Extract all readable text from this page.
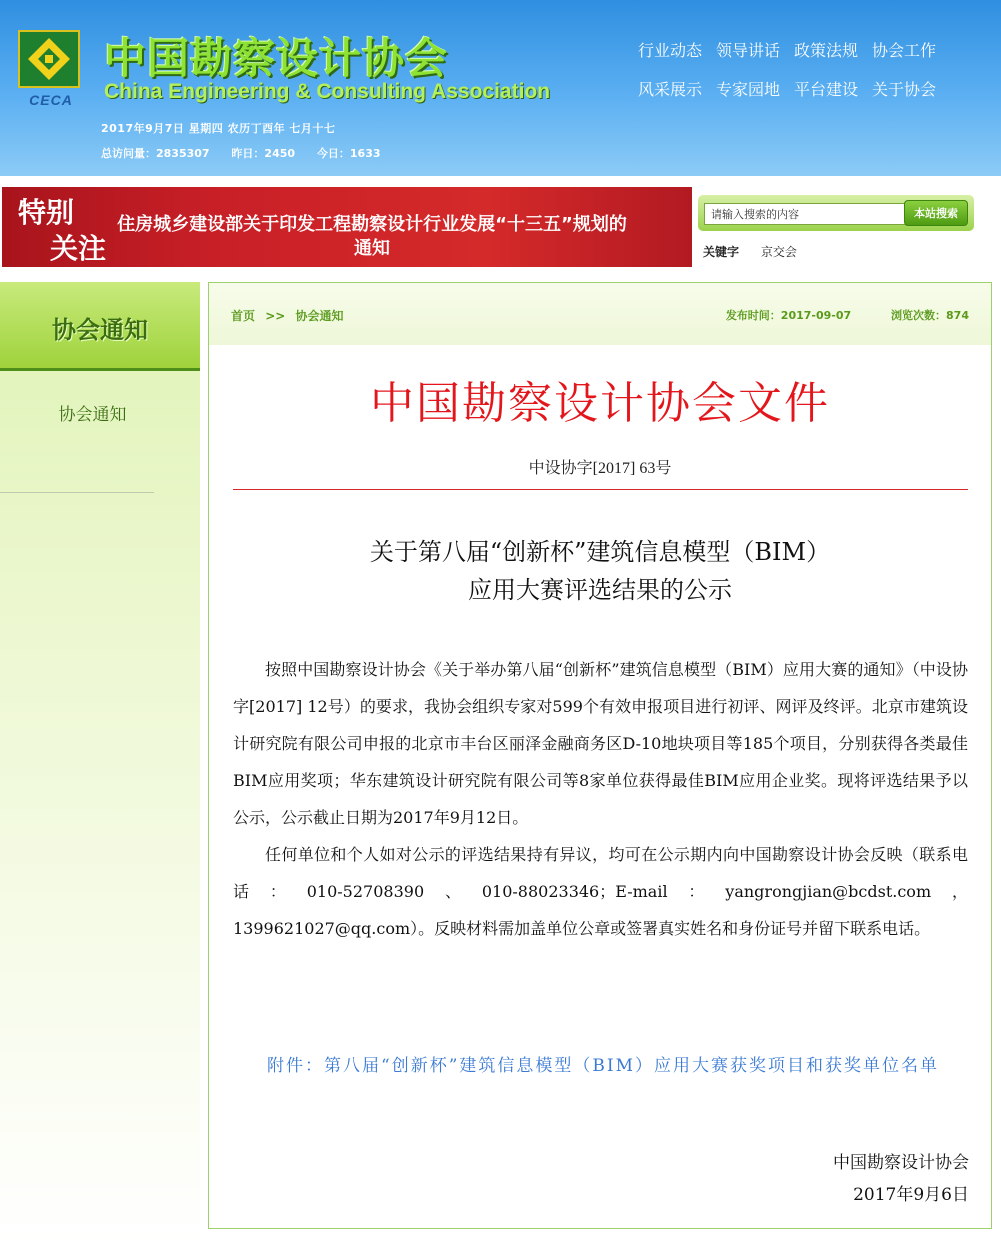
CECA
中国勘察设计协会
China Engineering & Consulting Association
2017年9月7日 星期四 农历丁酉年 七月十七
总访问量：2835307 昨日：2450 今日：1633
行业动态 领导讲话 政策法规 协会工作
风采展示 专家园地 平台建设 关于协会
特别
关注
住房城乡建设部关于印发工程勘察设计行业发展“十三五”规划的通知
请输入搜索的内容
本站搜索
关键字 京交会
协会通知
协会通知
首页 >> 协会通知	发布时间：2017-09-07	浏览次数：874
中国勘察设计协会文件
中设协字[2017] 63号
关于第八届“创新杯”建筑信息模型（BIM）
应用大赛评选结果的公示

按照中国勘察设计协会《关于举办第八届“创新杯”建筑信息模型（BIM）应用大赛的通知》（中设协字[2017] 12号）的要求，我协会组织专家对599个有效申报项目进行初评、网评及终评。北京市建筑设计研究院有限公司申报的北京市丰台区丽泽金融商务区D-10地块项目等185个项目，分别获得各类最佳BIM应用奖项；华东建筑设计研究院有限公司等8家单位获得最佳BIM应用企业奖。现将评选结果予以公示，公示截止日期为2017年9月12日。

任何单位和个人如对公示的评选结果持有异议，均可在公示期内向中国勘察设计协会反映（联系电话：010-52708390、010-88023346；E-mail：yangrongjian@bcdst.com，1399621027@qq.com）。反映材料需加盖单位公章或签署真实姓名和身份证号并留下联系电话。

附件：第八届“创新杯”建筑信息模型（BIM）应用大赛获奖项目和获奖单位名单
中国勘察设计协会
2017年9月6日
